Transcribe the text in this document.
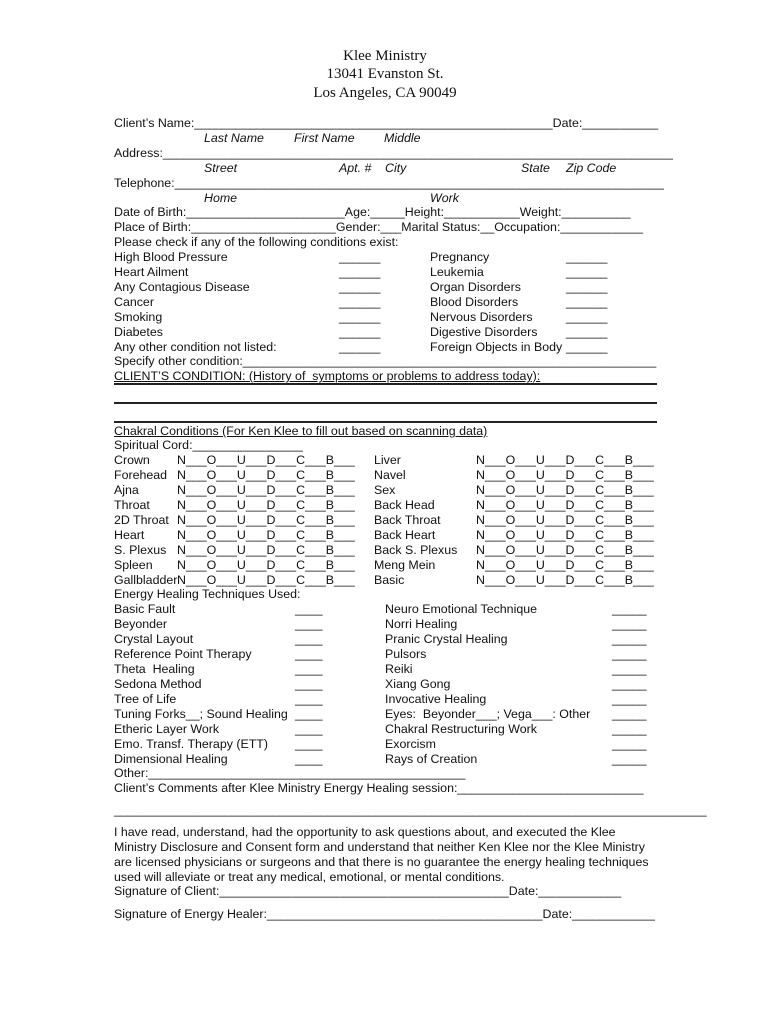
Klee Ministry
13041 Evanston St.
Los Angeles, CA 90049
Client’s Name:____________________________________________________Date:___________
Last Name First Name Middle
Address:__________________________________________________________________________
Street	Apt. # City	State Zip Code
Telephone:_______________________________________________________________________
Home	Work
Date of Birth:_______________________Age:_____Height:___________Weight:__________
Place of Birth:_____________________Gender:___Marital Status:__Occupation:____________
Please check if any of the following conditions exist:
High Blood Pressure	______	Pregnancy	______
Heart Ailment	______	Leukemia	______
Any Contagious Disease	______	Organ Disorders	______
Cancer	______	Blood Disorders	______
Smoking	______	Nervous Disorders	______
Diabetes	______	Digestive Disorders ______
Any other condition not listed:	______	Foreign Objects in Body ______
Specify other condition:____________________________________________________________
CLIENT’S CONDITION: (History of  symptoms or problems to address today):
Chakral Conditions (For Ken Klee to fill out based on scanning data)
Spiritual Cord:________________
Crown N___O___U___D___C___B___ Liver	N___O___U___D___C___B___
Forehead N___O___U___D___C___B___ Navel	N___O___U___D___C___B___
Ajna	N___O___U___D___C___B___ Sex	N___O___U___D___C___B___
Throat N___O___U___D___C___B___ Back Head	N___O___U___D___C___B___
2D Throat N___O___U___D___C___B___ Back Throat	N___O___U___D___C___B___
Heart	N___O___U___D___C___B___ Back Heart	N___O___U___D___C___B___
S. Plexus N___O___U___D___C___B___ Back S. Plexus N___O___U___D___C___B___
Spleen N___O___U___D___C___B___ Meng Mein	N___O___U___D___C___B___
Gallbladder N___O___U___D___C___B___ Basic	N___O___U___D___C___B___
Energy Healing Techniques Used:
Basic Fault	____	Neuro Emotional Technique	_____
Beyonder	____	Norri Healing	_____
Crystal Layout	____	Pranic Crystal Healing	_____
Reference Point Therapy	____	Pulsors	_____
Theta  Healing	____	Reiki	_____
Sedona Method	____	Xiang Gong	_____
Tree of Life	____	Invocative Healing	_____
Tuning Forks__; Sound Healing ____	Eyes:  Beyonder___; Vega___: Other _____
Etheric Layer Work	____	Chakral Restructuring Work	_____
Emo. Transf. Therapy (ETT) ____	Exorcism	_____
Dimensional Healing	____	Rays of Creation	_____
Other:______________________________________________
Client’s Comments after Klee Ministry Energy Healing session:___________________________
______________________________________________________________________________________
I have read, understand, had the opportunity to ask questions about, and executed the Klee
Ministry Disclosure and Consent form and understand that neither Ken Klee nor the Klee Ministry
are licensed physicians or surgeons and that there is no guarantee the energy healing techniques
used will alleviate or treat any medical, emotional, or mental conditions.
Signature of Client:__________________________________________Date:____________
Signature of Energy Healer:________________________________________Date:____________
